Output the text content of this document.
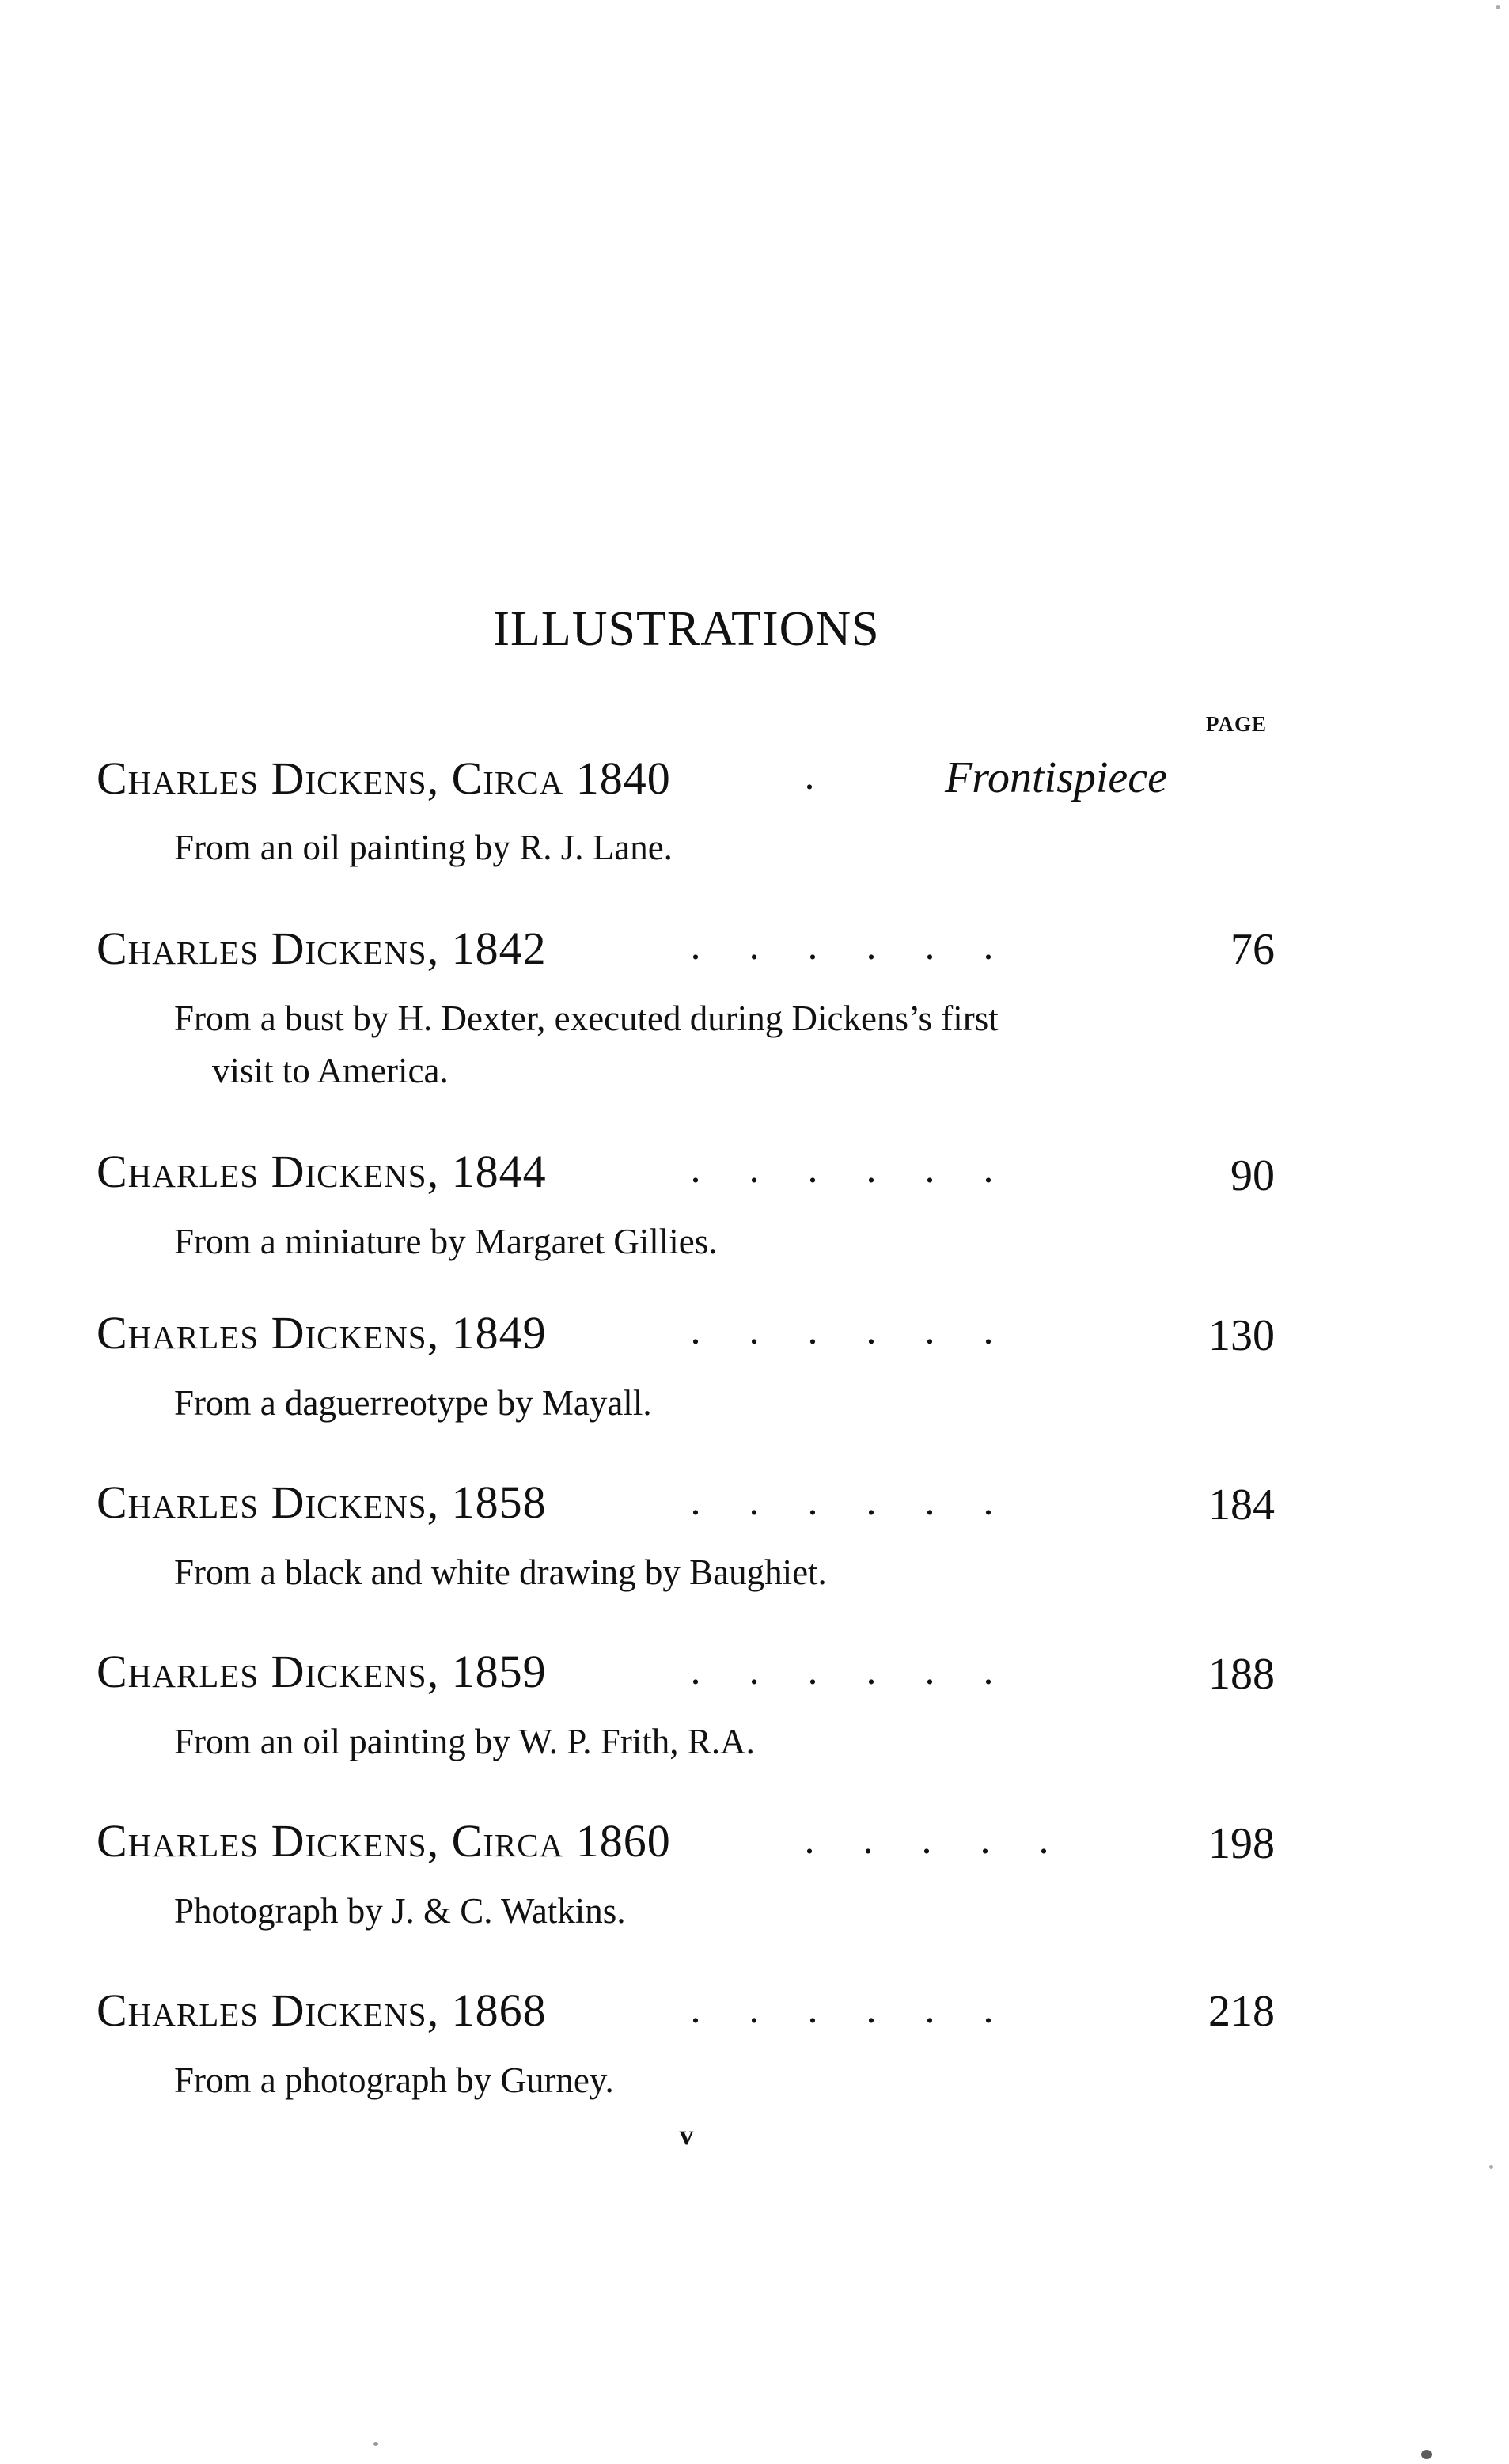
ILLUSTRATIONS
PAGE
Charles Dickens, Circa 1840	.	Frontispiece
From an oil painting by R. J. Lane.
Charles Dickens, 1842	. . . . . .	76
From a bust by H. Dexter, executed during Dickens’s first
visit to America.
Charles Dickens, 1844	. . . . . .	90
From a miniature by Margaret Gillies.
Charles Dickens, 1849	. . . . . .	130
From a daguerreotype by Mayall.
Charles Dickens, 1858	. . . . . .	184
From a black and white drawing by Baughiet.
Charles Dickens, 1859	. . . . . .	188
From an oil painting by W. P. Frith, R.A.
Charles Dickens, Circa 1860	. . . . .	198
Photograph by J. & C. Watkins.
Charles Dickens, 1868	. . . . . .	218
From a photograph by Gurney.
v
